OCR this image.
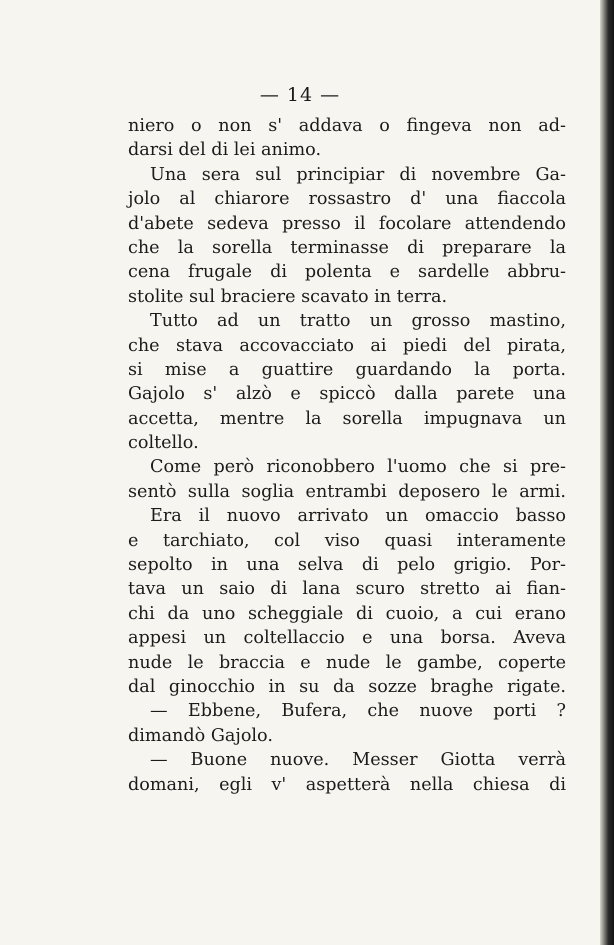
— 14 —
niero o non s' addava o fingeva non ad-
darsi del di lei animo.
Una sera sul principiar di novembre Ga-
jolo al chiarore rossastro d' una fiaccola
d'abete sedeva presso il focolare attendendo
che la sorella terminasse di preparare la
cena frugale di polenta e sardelle abbru-
stolite sul braciere scavato in terra.
Tutto ad un tratto un grosso mastino,
che stava accovacciato ai piedi del pirata,
si mise a guattire guardando la porta.
Gajolo s' alzò e spiccò dalla parete una
accetta, mentre la sorella impugnava un
coltello.
Come però riconobbero l'uomo che si pre-
sentò sulla soglia entrambi deposero le armi.
Era il nuovo arrivato un omaccio basso
e tarchiato, col viso quasi interamente
sepolto in una selva di pelo grigio. Por-
tava un saio di lana scuro stretto ai fian-
chi da uno scheggiale di cuoio, a cui erano
appesi un coltellaccio e una borsa. Aveva
nude le braccia e nude le gambe, coperte
dal ginocchio in su da sozze braghe rigate.
— Ebbene, Bufera, che nuove porti ?
dimandò Gajolo.
— Buone nuove. Messer Giotta verrà
domani, egli v' aspetterà nella chiesa di
